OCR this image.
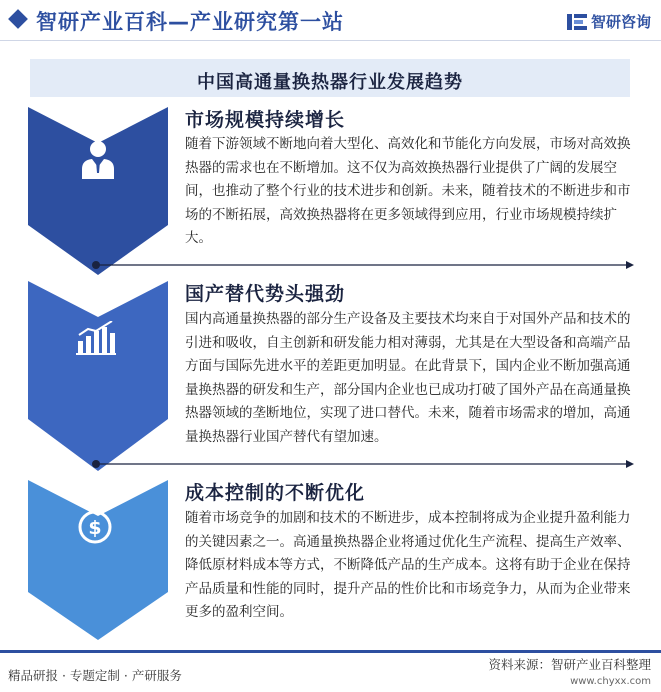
智研产业百科—产业研究第一站	智研咨询
中国高通量换热器行业发展趋势
市场规模持续增长
随着下游领域不断地向着大型化、高效化和节能化方向发展，市场对高效换热器的需求也在不断增加。这不仅为高效换热器行业提供了广阔的发展空间，也推动了整个行业的技术进步和创新。未来，随着技术的不断进步和市场的不断拓展，高效换热器将在更多领域得到应用，行业市场规模持续扩大。
国产替代势头强劲
国内高通量换热器的部分生产设备及主要技术均来自于对国外产品和技术的引进和吸收，自主创新和研发能力相对薄弱，尤其是在大型设备和高端产品方面与国际先进水平的差距更加明显。在此背景下，国内企业不断加强高通量换热器的研发和生产，部分国内企业也已成功打破了国外产品在高通量换热器领域的垄断地位，实现了进口替代。未来，随着市场需求的增加，高通量换热器行业国产替代有望加速。
$
成本控制的不断优化
随着市场竞争的加剧和技术的不断进步，成本控制将成为企业提升盈利能力的关键因素之一。高通量换热器企业将通过优化生产流程、提高生产效率、降低原材料成本等方式，不断降低产品的生产成本。这将有助于企业在保持产品质量和性能的同时，提升产品的性价比和市场竞争力，从而为企业带来更多的盈利空间。
精品研报 · 专题定制 · 产研服务
资料来源：智研产业百科整理
www.chyxx.com
